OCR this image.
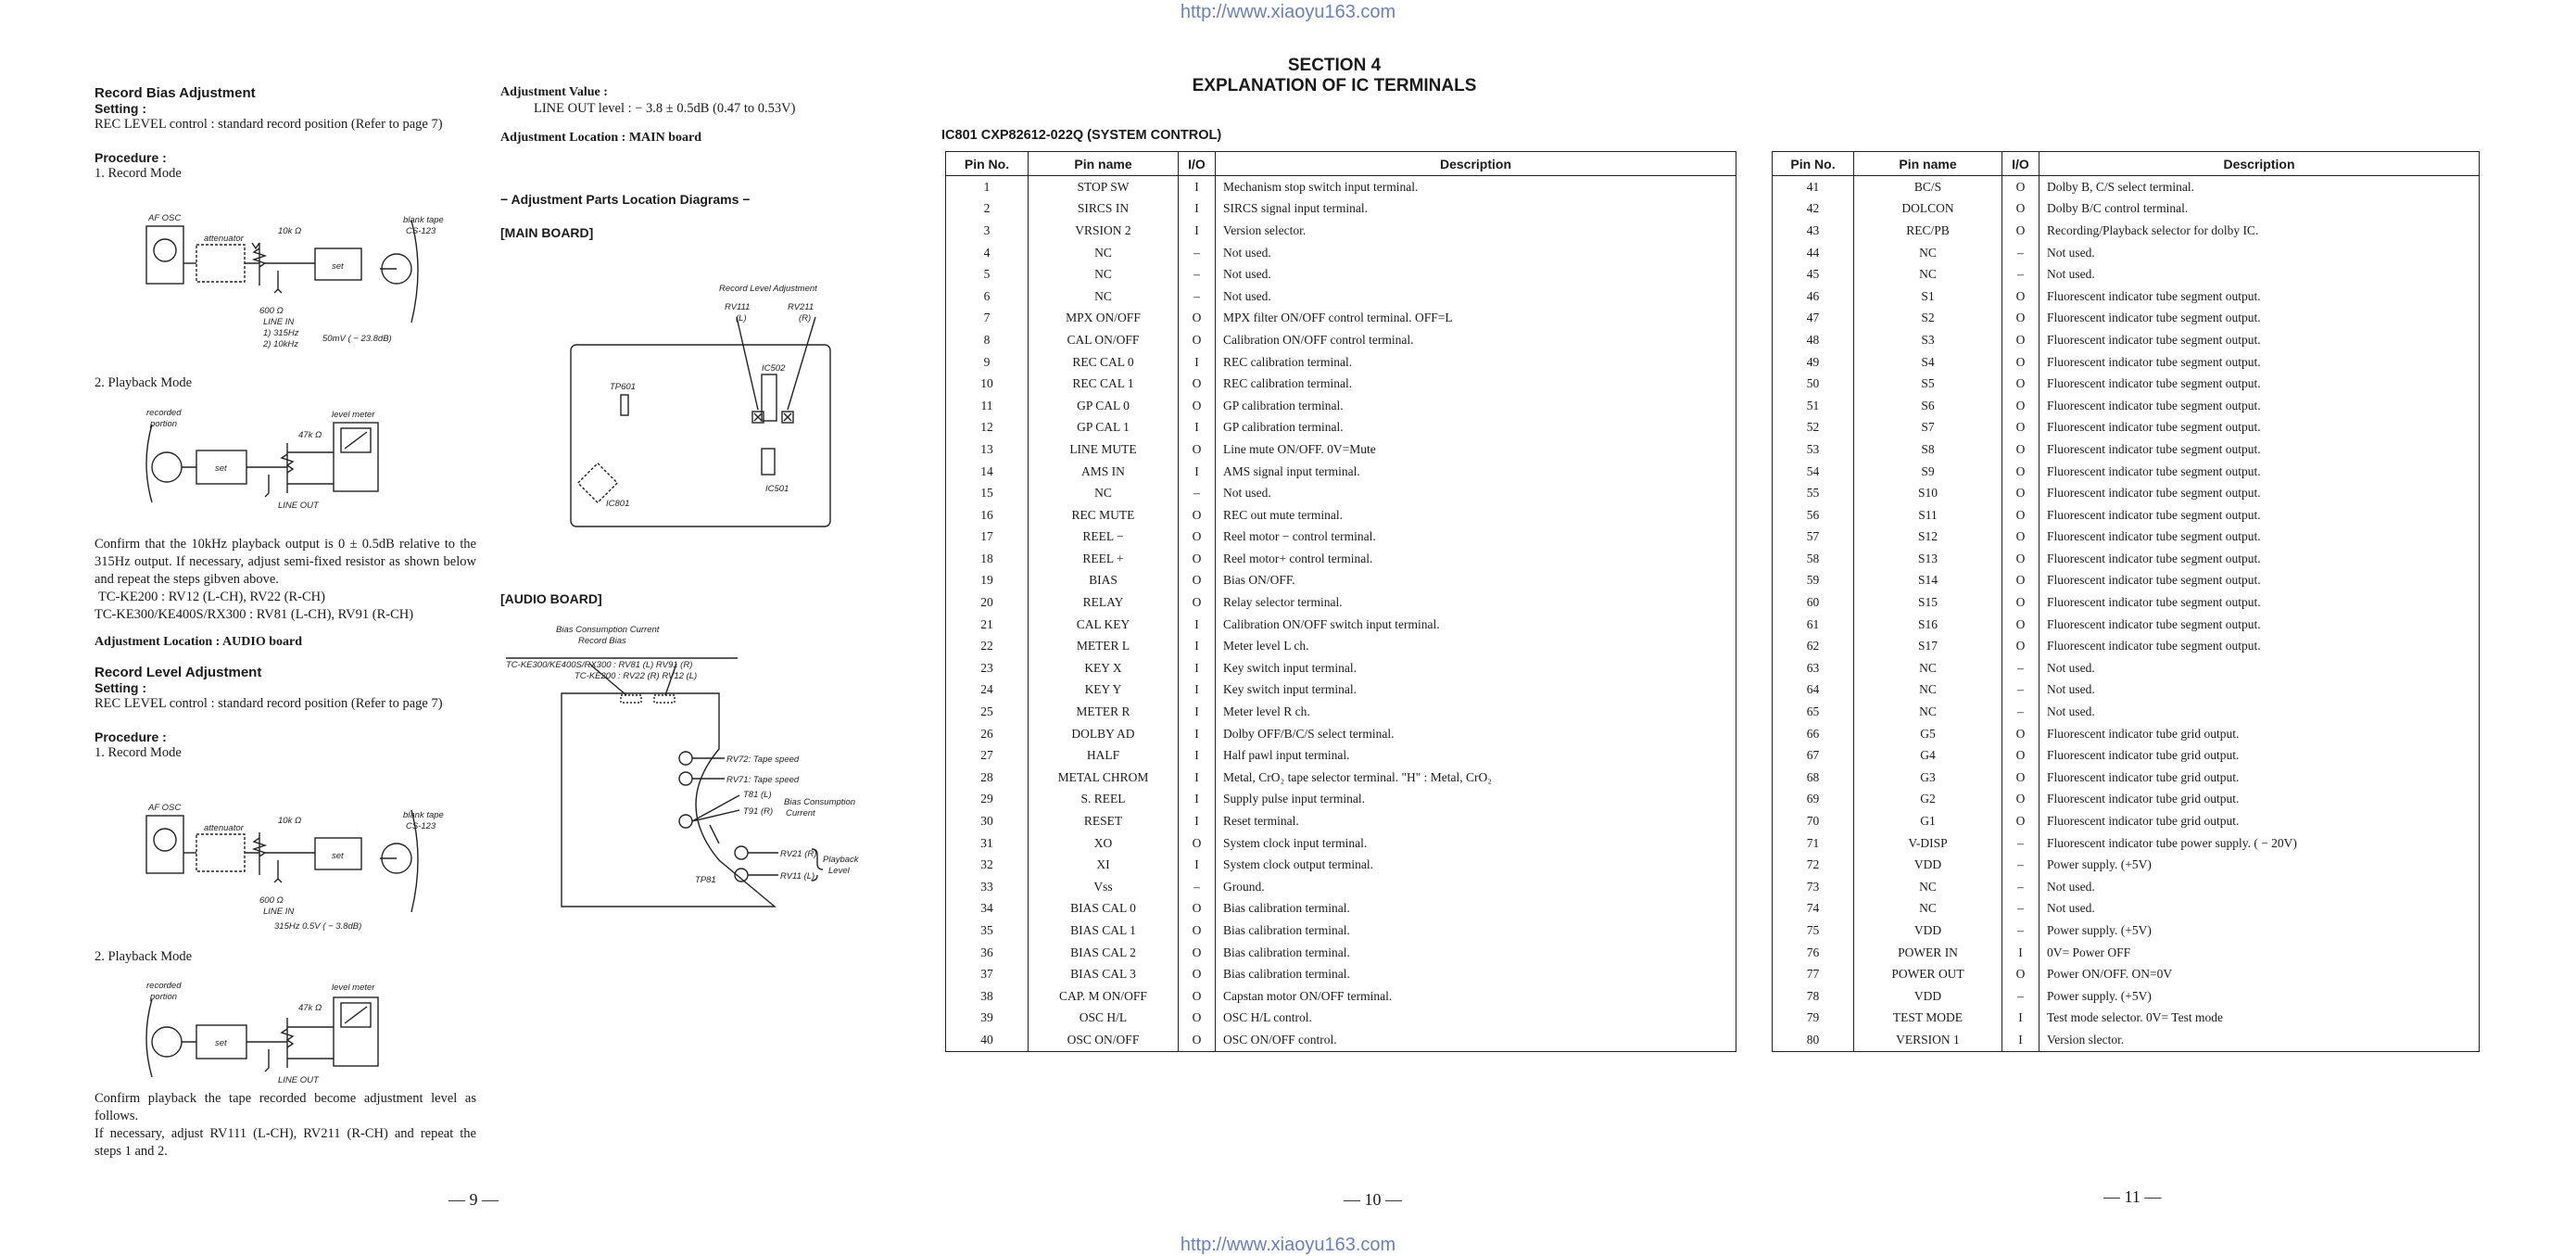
http://www.xiaoyu163.com
http://www.xiaoyu163.com

Record Bias Adjustment

Setting :

REC LEVEL control : standard record position (Refer to page 7)

Procedure :

1. Record Mode

AF OSC
attenuator
10k Ω
blank tape
CS-123
set
600 Ω
LINE IN
1) 315Hz
2) 10kHz
50mV ( − 23.8dB)

2. Playback Mode

recorded
portion
set
47k Ω
level meter
LINE OUT

Confirm that the 10kHz playback output is 0 ± 0.5dB relative to the 315Hz output. If necessary, adjust semi-fixed resistor as shown below and repeat the steps gibven above.

TC-KE200 : RV12 (L-CH), RV22 (R-CH)

TC-KE300/KE400S/RX300 : RV81 (L-CH), RV91 (R-CH)

Adjustment Location : AUDIO board

Record Level Adjustment

Setting :

REC LEVEL control : standard record position (Refer to page 7)

Procedure :

1. Record Mode

AF OSC
attenuator
10k Ω
blank tape
CS-123
set
600 Ω
LINE IN
315Hz 0.5V ( − 3.8dB)

2. Playback Mode

recorded
portion
set
47k Ω
level meter
LINE OUT

Confirm playback the tape recorded become adjustment level as follows.

If necessary, adjust RV111 (L-CH), RV211 (R-CH) and repeat the steps 1 and 2.

— 9 —

Adjustment Value :

LINE OUT level : − 3.8 ± 0.5dB (0.47 to 0.53V)

Adjustment Location : MAIN board

− Adjustment Parts Location Diagrams −

[MAIN BOARD]

Record Level Adjustment
RV111
(L)
RV211
(R)
TP601
IC502
IC501
IC801

[AUDIO BOARD]

Bias Consumption Current
Record Bias
TC-KE300/KE400S/RX300 : RV81 (L) RV91 (R)
TC-KE200 : RV22 (R) RV12 (L)
RV72: Tape speed
RV71: Tape speed
T81 (L)
T91 (R)
Bias Consumption
Current
TP81
RV21 (R)
RV11 (L)
Playback
Level

SECTION 4

EXPLANATION OF IC TERMINALS

IC801 CXP82612-022Q (SYSTEM CONTROL)

Pin No.	Pin name	I/O	Description
1	STOP SW	I	Mechanism stop switch input terminal.
2	SIRCS IN	I	SIRCS signal input terminal.
3	VRSION 2	I	Version selector.
4	NC	–	Not used.
5	NC	–	Not used.
6	NC	–	Not used.
7	MPX ON/OFF	O	MPX filter ON/OFF control terminal. OFF=L
8	CAL ON/OFF	O	Calibration ON/OFF control terminal.
9	REC CAL 0	I	REC calibration terminal.
10	REC CAL 1	O	REC calibration terminal.
11	GP CAL 0	O	GP calibration terminal.
12	GP CAL 1	I	GP calibration terminal.
13	LINE MUTE	O	Line mute ON/OFF. 0V=Mute
14	AMS IN	I	AMS signal input terminal.
15	NC	–	Not used.
16	REC MUTE	O	REC out mute terminal.
17	REEL −	O	Reel motor − control terminal.
18	REEL +	O	Reel motor+ control terminal.
19	BIAS	O	Bias ON/OFF.
20	RELAY	O	Relay selector terminal.
21	CAL KEY	I	Calibration ON/OFF switch input terminal.
22	METER L	I	Meter level L ch.
23	KEY X	I	Key switch input terminal.
24	KEY Y	I	Key switch input terminal.
25	METER R	I	Meter level R ch.
26	DOLBY AD	I	Dolby OFF/B/C/S select terminal.
27	HALF	I	Half pawl input terminal.
28	METAL CHROM	I	Metal, CrO₂ tape selector terminal. "H" : Metal, CrO₂
29	S. REEL	I	Supply pulse input terminal.
30	RESET	I	Reset terminal.
31	XO	O	System clock input terminal.
32	XI	I	System clock output terminal.
33	Vss	–	Ground.
34	BIAS CAL 0	O	Bias calibration terminal.
35	BIAS CAL 1	O	Bias calibration terminal.
36	BIAS CAL 2	O	Bias calibration terminal.
37	BIAS CAL 3	O	Bias calibration terminal.
38	CAP. M ON/OFF	O	Capstan motor ON/OFF terminal.
39	OSC H/L	O	OSC H/L control.
40	OSC ON/OFF	O	OSC ON/OFF control.
— 10 —
Pin No.	Pin name	I/O	Description
41	BC/S	O	Dolby B, C/S select terminal.
42	DOLCON	O	Dolby B/C control terminal.
43	REC/PB	O	Recording/Playback selector for dolby IC.
44	NC	–	Not used.
45	NC	–	Not used.
46	S1	O	Fluorescent indicator tube segment output.
47	S2	O	Fluorescent indicator tube segment output.
48	S3	O	Fluorescent indicator tube segment output.
49	S4	O	Fluorescent indicator tube segment output.
50	S5	O	Fluorescent indicator tube segment output.
51	S6	O	Fluorescent indicator tube segment output.
52	S7	O	Fluorescent indicator tube segment output.
53	S8	O	Fluorescent indicator tube segment output.
54	S9	O	Fluorescent indicator tube segment output.
55	S10	O	Fluorescent indicator tube segment output.
56	S11	O	Fluorescent indicator tube segment output.
57	S12	O	Fluorescent indicator tube segment output.
58	S13	O	Fluorescent indicator tube segment output.
59	S14	O	Fluorescent indicator tube segment output.
60	S15	O	Fluorescent indicator tube segment output.
61	S16	O	Fluorescent indicator tube segment output.
62	S17	O	Fluorescent indicator tube segment output.
63	NC	–	Not used.
64	NC	–	Not used.
65	NC	–	Not used.
66	G5	O	Fluorescent indicator tube grid output.
67	G4	O	Fluorescent indicator tube grid output.
68	G3	O	Fluorescent indicator tube grid output.
69	G2	O	Fluorescent indicator tube grid output.
70	G1	O	Fluorescent indicator tube grid output.
71	V-DISP	–	Fluorescent indicator tube power supply. ( − 20V)
72	VDD	–	Power supply. (+5V)
73	NC	–	Not used.
74	NC	–	Not used.
75	VDD	–	Power supply. (+5V)
76	POWER IN	I	0V= Power OFF
77	POWER OUT	O	Power ON/OFF. ON=0V
78	VDD	–	Power supply. (+5V)
79	TEST MODE	I	Test mode selector. 0V= Test mode
80	VERSION 1	I	Version slector.
— 11 —
